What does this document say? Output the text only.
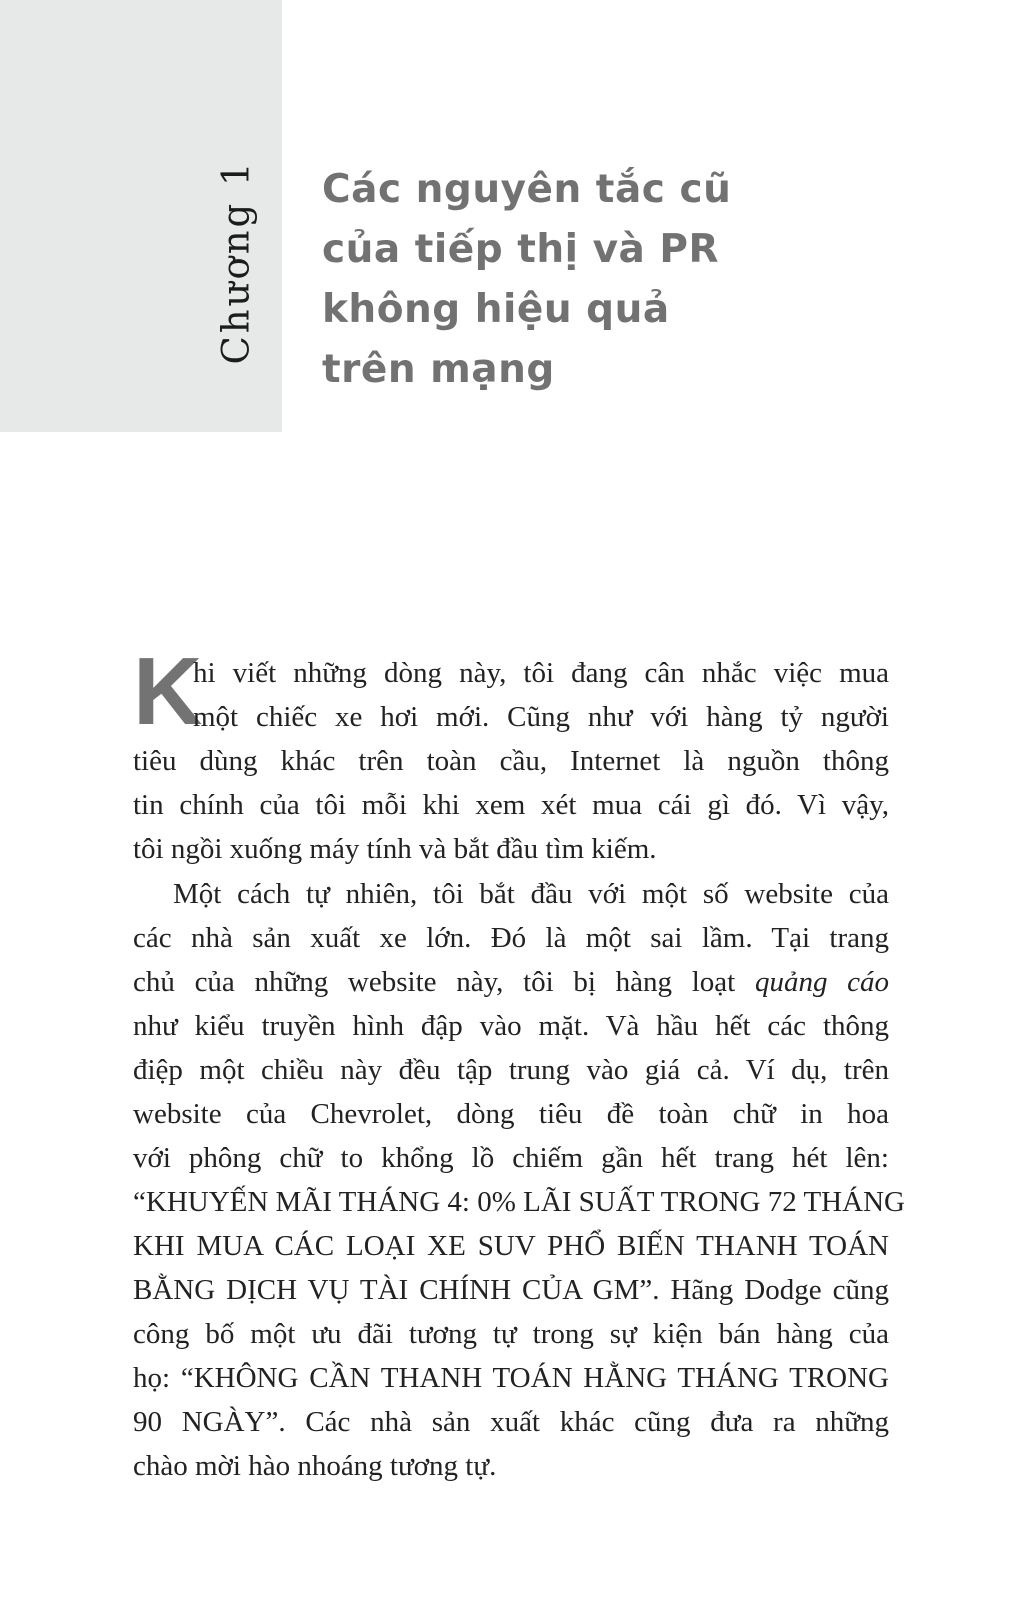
Chương 1 Các nguyên tắc cũ
của tiếp thị và PR
không hiệu quả
trên mạng
K
hi viết những dòng này, tôi đang cân nhắc việc mua
một chiếc xe hơi mới. Cũng như với hàng tỷ người
tiêu dùng khác trên toàn cầu, Internet là nguồn thông
tin chính của tôi mỗi khi xem xét mua cái gì đó. Vì vậy,
tôi ngồi xuống máy tính và bắt đầu tìm kiếm.
Một cách tự nhiên, tôi bắt đầu với một số website của
các nhà sản xuất xe lớn. Đó là một sai lầm. Tại trang
chủ của những website này, tôi bị hàng loạt quảng cáo
như kiểu truyền hình đập vào mặt. Và hầu hết các thông
điệp một chiều này đều tập trung vào giá cả. Ví dụ, trên
website của Chevrolet, dòng tiêu đề toàn chữ in hoa
với phông chữ to khổng lồ chiếm gần hết trang hét lên:
“KHUYẾN MÃI THÁNG 4: 0% LÃI SUẤT TRONG 72 THÁNG
KHI MUA CÁC LOẠI XE SUV PHỔ BIẾN THANH TOÁN
BẰNG DỊCH VỤ TÀI CHÍNH CỦA GM”. Hãng Dodge cũng
công bố một ưu đãi tương tự trong sự kiện bán hàng của
họ: “KHÔNG CẦN THANH TOÁN HẰNG THÁNG TRONG
90 NGÀY”. Các nhà sản xuất khác cũng đưa ra những
chào mời hào nhoáng tương tự.
